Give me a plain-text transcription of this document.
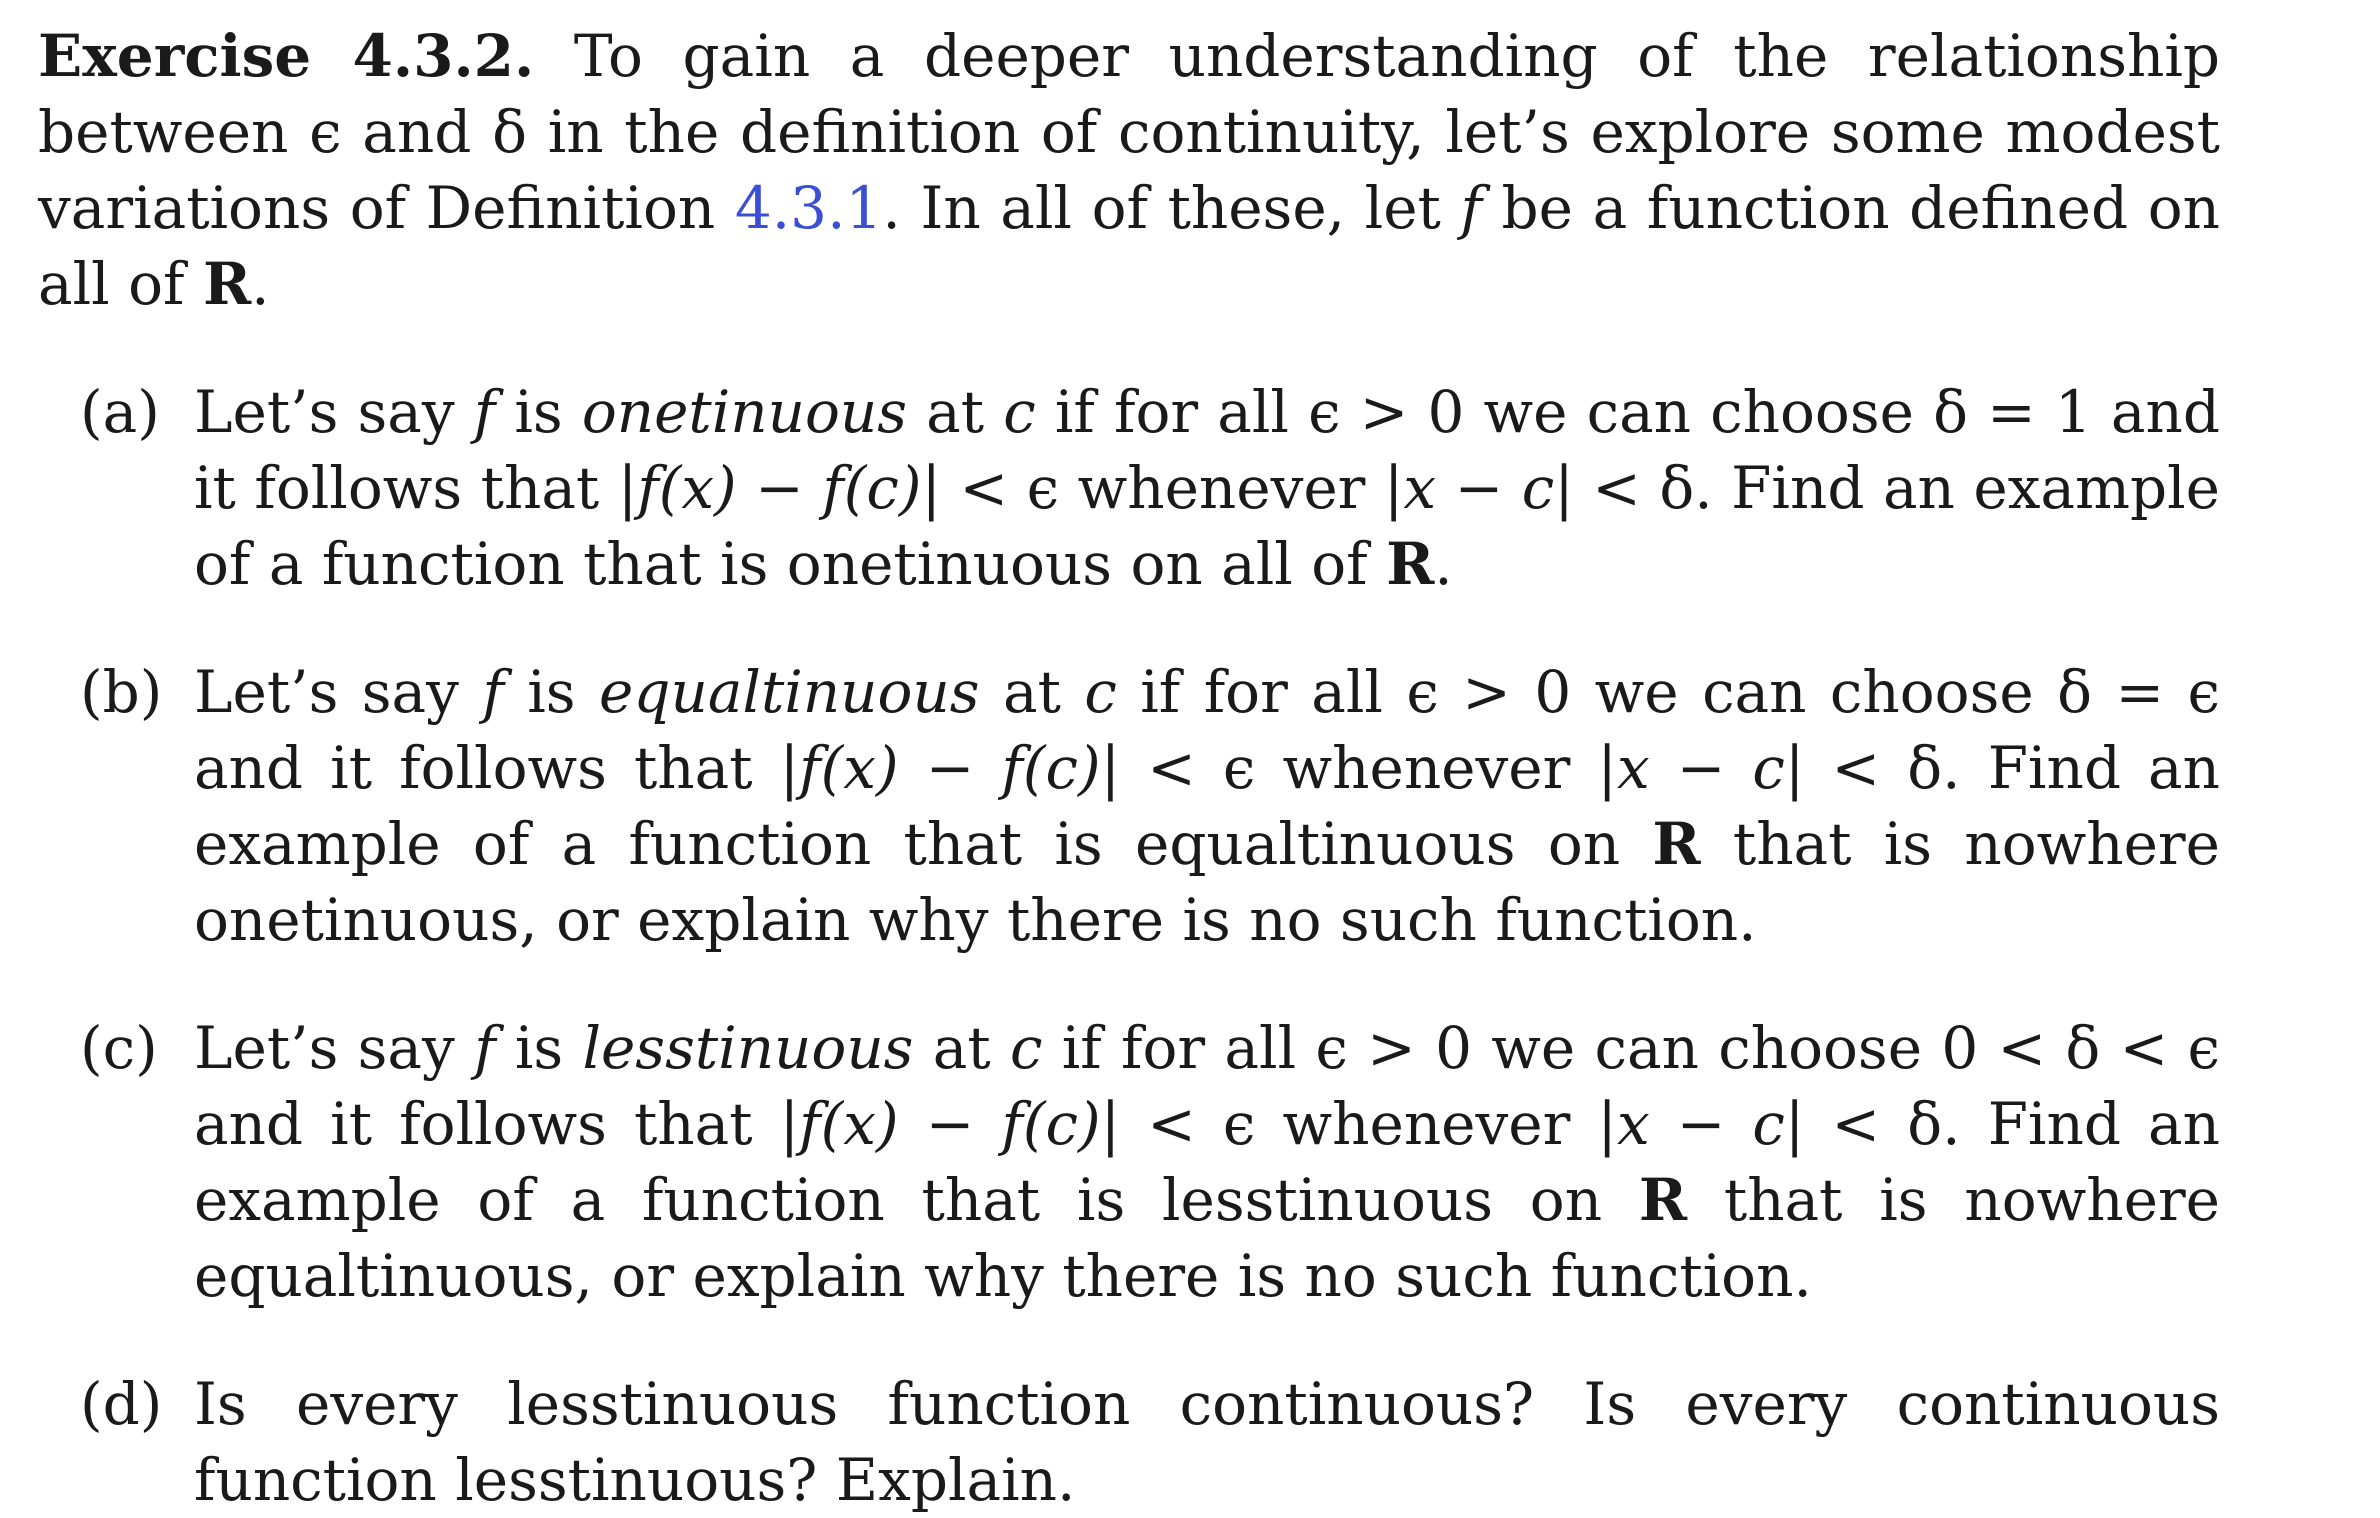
Exercise 4.3.2. To gain a deeper understanding of the relationship between ϵ and δ in the definition of continuity, let’s explore some modest variations of Definition 4.3.1. In all of these, let f be a function defined on all of R.

(a) Let’s say f is onetinuous at c if for all ϵ > 0 we can choose δ = 1 and it follows that |f(x) − f(c)| < ϵ whenever |x − c| < δ. Find an example of a function that is onetinuous on all of R.
(b) Let’s say f is equaltinuous at c if for all ϵ > 0 we can choose δ = ϵ and it follows that |f(x) − f(c)| < ϵ whenever |x − c| < δ. Find an example of a function that is equaltinuous on R that is nowhere onetinuous, or explain why there is no such function.
(c) Let’s say f is lesstinuous at c if for all ϵ > 0 we can choose 0 < δ < ϵ and it follows that |f(x) − f(c)| < ϵ whenever |x − c| < δ. Find an example of a function that is lesstinuous on R that is nowhere equaltinuous, or explain why there is no such function.
(d) Is every lesstinuous function continuous? Is every continuous function lesstinuous? Explain.
